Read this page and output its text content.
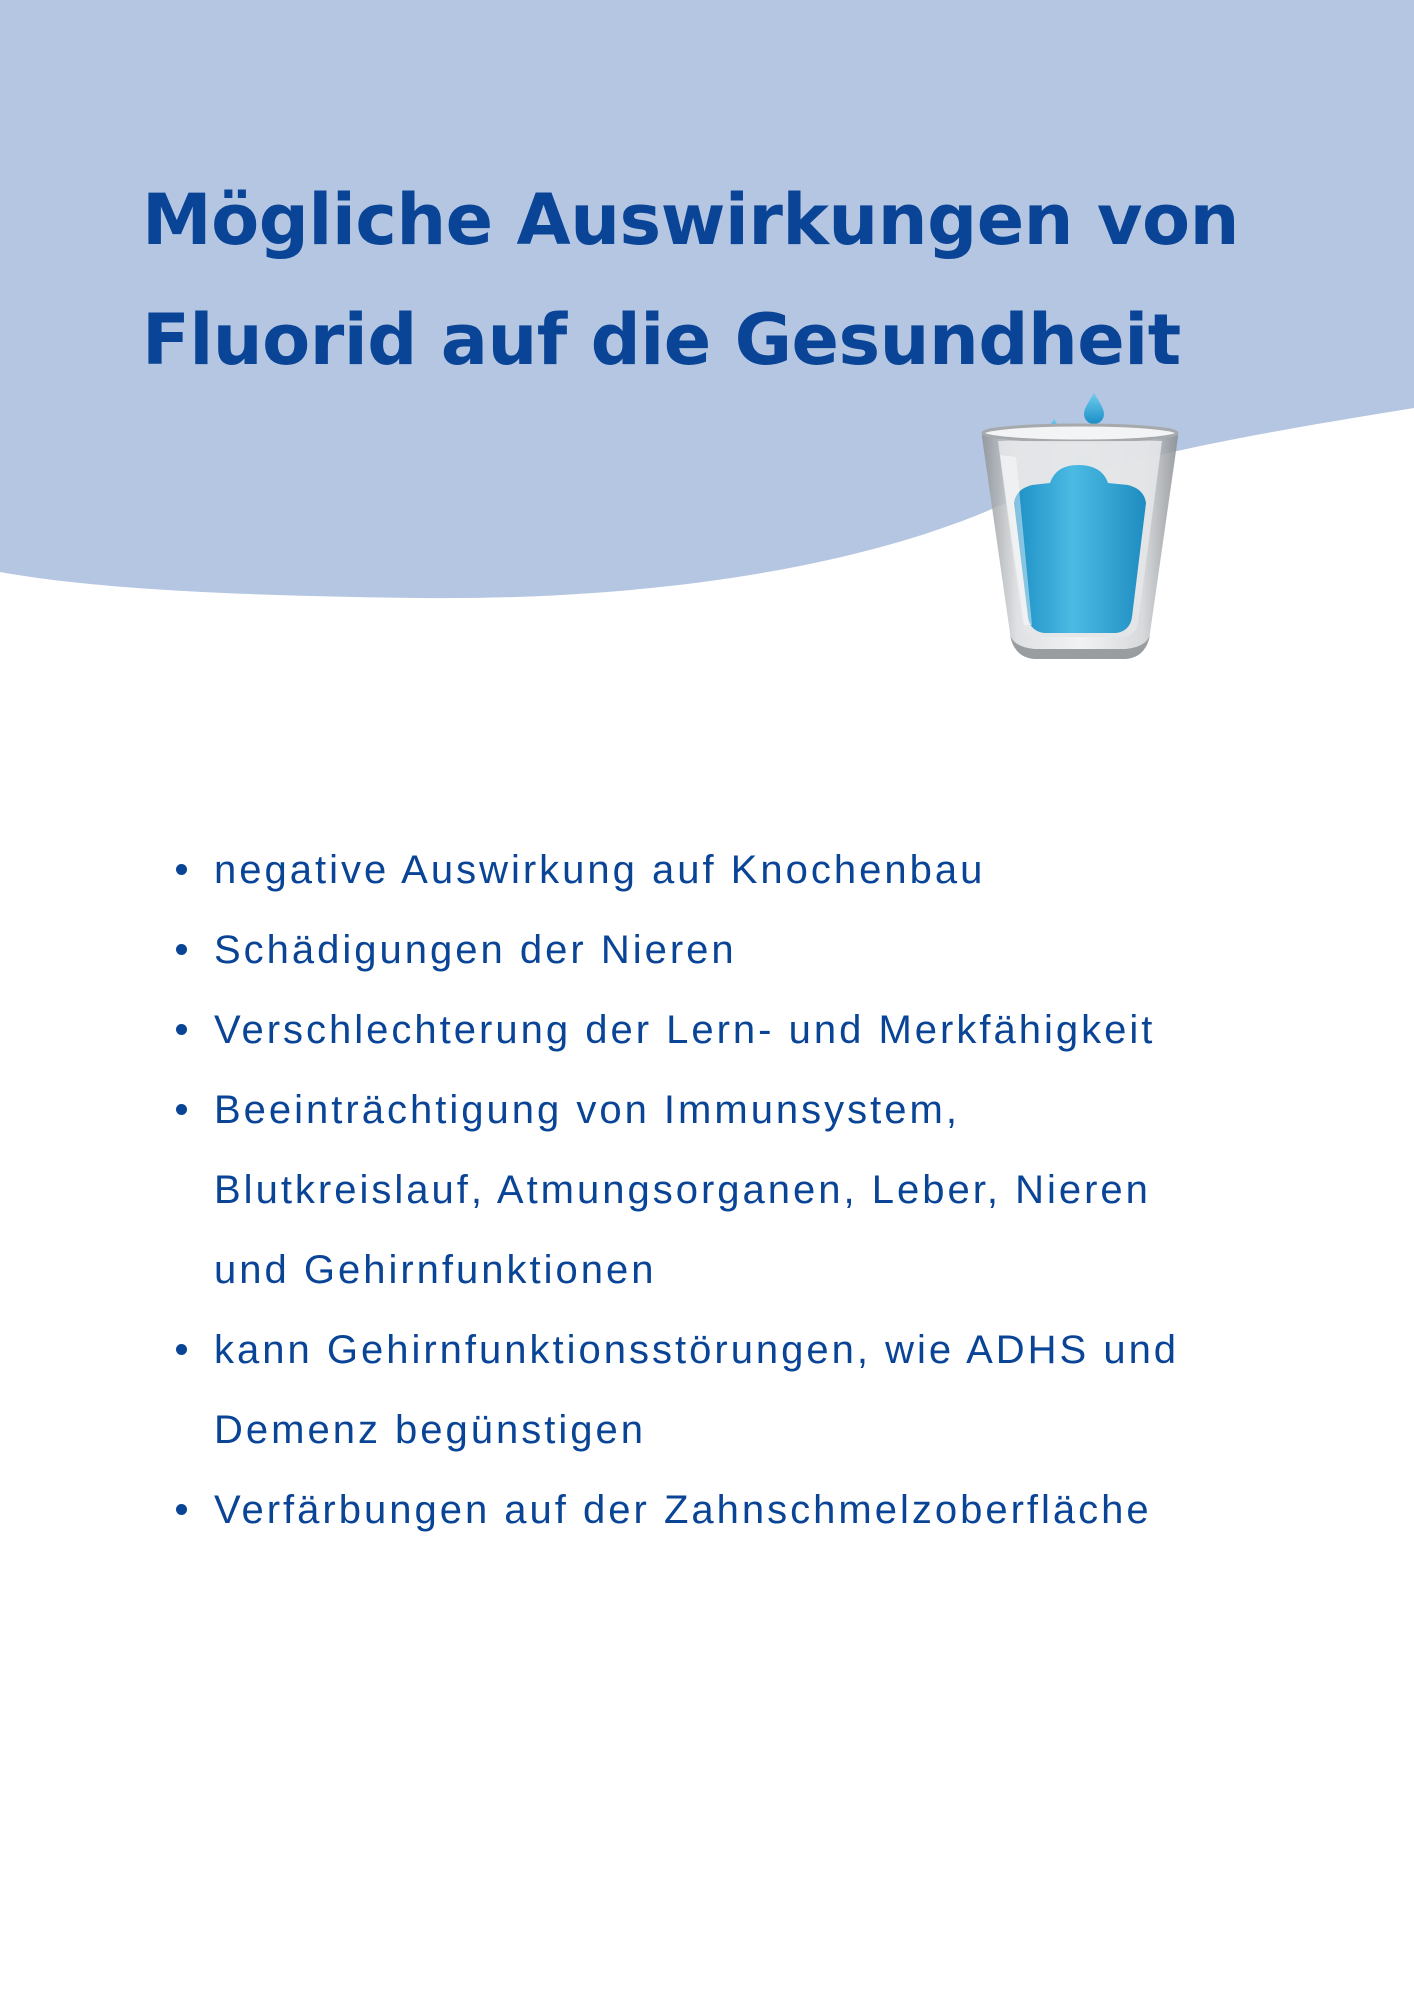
Mögliche Auswirkungen von
Fluorid auf die Gesundheit
negative Auswirkung auf Knochenbau
Schädigungen der Nieren
Verschlechterung der Lern- und Merkfähigkeit
Beeinträchtigung von Immunsystem,
Blutkreislauf, Atmungsorganen, Leber, Nieren
und Gehirnfunktionen
kann Gehirnfunktionsstörungen, wie ADHS und
Demenz begünstigen
Verfärbungen auf der Zahnschmelzoberfläche
